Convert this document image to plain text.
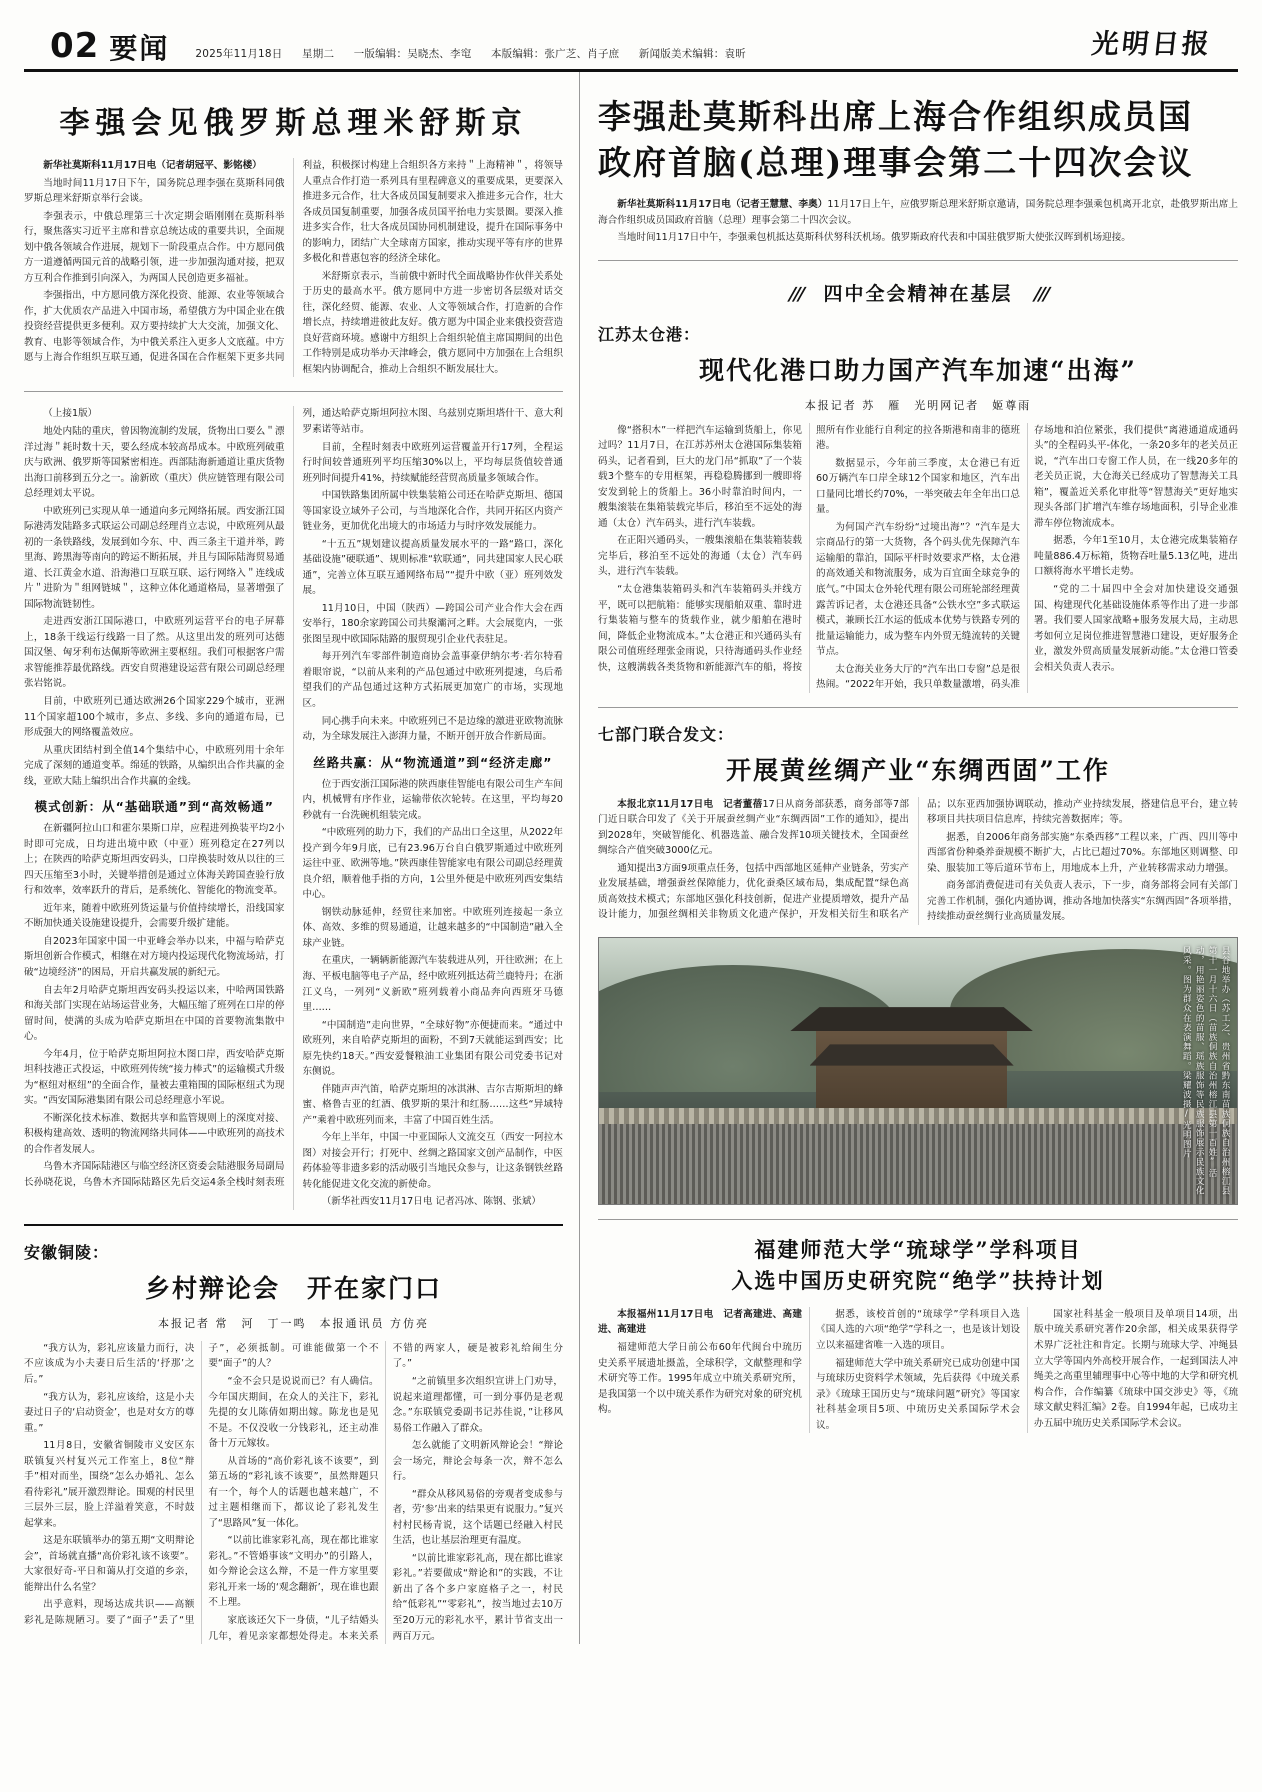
02 要闻 2025年11月18日 星期二 一版编辑：吴晓杰、李窀 本版编辑：张广芝、肖子庶 新闻版美术编辑：袁昕	光明日报
李强会见俄罗斯总理米舒斯京

新华社莫斯科11月17日电（记者胡冠平、影铭楼）

当地时间11月17日下午，国务院总理李强在莫斯科同俄罗斯总理米舒斯京举行会谈。

李强表示，中俄总理第三十次定期会晤刚刚在莫斯科举行，聚焦落实习近平主席和普京总统达成的重要共识，全面规划中俄各领域合作进展，规划下一阶段重点合作。中方愿同俄方一道遵循两国元首的战略引领，进一步加强沟通对接，把双方互利合作推到引向深入，为两国人民创造更多福祉。

李强指出，中方愿同俄方深化投资、能源、农业等领域合作，扩大优质农产品进入中国市场，希望俄方为中国企业在俄投资经营提供更多便利。双方要持续扩大大交流，加强文化、教育、电影等领域合作，为中俄关系注入更多人文底蕴。中方愿与上海合作组织互联互通，促进各国在合作框架下更多共同利益，积极探讨构建上合组织各方来持＂上海精神＂，将领导人重点合作打造一系列具有里程碑意义的重要成果，更要深入推进多元合作，壮大各成员国复制要求入推进多元合作，壮大各成员国复制重要，加强各成员国平抬电力实景圈。要深入推进多实合作，壮大各成员国协同机制建设，提升在国际事务中的影响力，团结广大全球南方国家，推动实现平等有序的世界多极化和普惠包容的经济全球化。

米舒斯京表示，当前俄中新时代全面战略协作伙伴关系处于历史的最高水平。俄方愿同中方进一步密切各层级对话交往，深化经贸、能源、农业、人文等领域合作，打造新的合作增长点，持续增进彼此友好。俄方愿为中国企业来俄投资营造良好营商环境。感谢中方组织上合组织轮值主席国期间的出色工作特别是成功举办天津峰会，俄方愿同中方加强在上合组织框架内协调配合，推动上合组织不断发展壮大。

（上接1版）

地处内陆的重庆，曾因物流制约发展，货物出口要么＂漂洋过海＂耗时数十天，要么经成本较高昂成本。中欧班列破重庆与欧洲、俄罗斯等国紧密相连。西部陆海新通道让重庆货物出海口前移到五分之一。渝新欧（重庆）供应链管理有限公司总经理刘太平说。

中欧班列已实现从单一通道向多元网络拓展。西安浙江国际港湾发陆路多式联运公司副总经理肖立志说，中欧班列从最初的一条铁路线，发展到如今东、中、西三条主干道并举，跨里海、跨黑海等南向的跨运不断拓展，并且与国际陆海贸易通道、长江黄金水道、沿海港口互联互联、运行网络入＂连线成片＂进阶为＂组网链城＂，这种立体化通道格局，显著增强了国际物流链韧性。

走进西安浙江国际港口，中欧班列运营平台的电子屏幕上，18条干线运行线路一目了然。从这里出发的班列可达德国汉堡、匈牙利布达佩斯等欧洲主要枢纽。我们可根据客户需求智能推荐最优路线。西安自贸港建设运营有限公司副总经理张岩铭说。

目前，中欧班列已通达欧洲26个国家229个城市，亚洲11个国家超100个城市，多点、多线、多向的通道布局，已形成强大的网络覆盖效应。

从重庆团结村到全值14个集结中心，中欧班列用十余年完成了深刻的通道变革。绵延的铁路，从编织出合作共赢的金线，亚欧大陆上编织出合作共赢的金线。

模式创新：从“基础联通”到“高效畅通”

在新疆阿拉山口和霍尔果斯口岸，应程进列换装平均2小时即可完成，日均进出境中欧（中亚）班列稳定在27列以上；在陕西的哈萨克斯坦西安码头，口岸换装时效从以往的三四天压缩至3小时，关键举措创是通过立体海关跨国查验行放行和效率，效率跃升的背后，是系统化、智能化的物流变革。

近年来，随着中欧班列货运量与价值持续增长，沿线国家不断加快通关设施建设提升，会需要升级扩建能。

自2023年国家中国一中亚峰会举办以来，中福与哈萨克斯坦创新合作模式，相继在对方境内投运现代化物流场站，打破“边境经济”的困局，开启共赢发展的新纪元。

自去年2月哈萨克斯坦西安码头投运以来，中哈两国铁路和海关部门实现在站场运营业务，大幅压缩了班列在口岸的停留时间，使满的头成为哈萨克斯坦在中国的首要物流集散中心。

今年4月，位于哈萨克斯坦阿拉木图口岸，西安哈萨克斯坦科技港正式投运，中欧班列传统“接力棒式”的运输模式升级为“枢纽对枢纽”的全面合作，量被去重箱围的国际枢纽式为现实。“西安国际港集团有限公司总经理意小军说。

不断深化技术标准、数据共享和监管规则上的深度对接、积极构建高效、透明的物流网络共同体——中欧班列的高技术的合作者发展人。

乌鲁木齐国际陆港区与临空经济区资委会陆港服务局副局长孙晓花说，乌鲁木齐国际陆路区先后交运4条全栈时刻表班列，通达哈萨克斯坦阿拉木图、乌兹别克斯坦塔什干、意大利罗素诺等站市。

目前，全程时刻表中欧班列运营覆盖开行17列，全程运行时间较普通班列平均压缩30%以上，平均每层货值较普通班列时间提升41%，持续赋能经营贸高质量多领域合作。

中国铁路集团所属中铁集装箱公司还在哈萨克斯坦、德国等国家设立域外子公司，与当地深化合作，共同开拓区内资产链业务，更加优化出境大的市场适力与时序效发展能力。

“十五五”规划建议提高质量发展水平的一路“路口，深化基础设施”硬联通”、规则标准“软联通”，同共建国家人民心联通”，完善立体互联互通网络布局”“提升中欧（亚）班列效发展。

11月10日，中国（陕西）—跨国公司产业合作大会在西安举行，180余家跨国公司共聚灞河之畔。大会展览内，一张张图呈现中欧国际陆路的服贸现引企业代表驻足。

每开列汽车零部件制造商协会盖事豪伊纳尔考·若尔特看着眼帘说，“以前从来利的产品包通过中欧班列提速，乌后希望我们的产品包通过这种方式拓展更加宽广的市场，实现地区。

同心携手向未来。中欧班列已不是边缘的激进亚欧物流脉动，为全球发展注入澎湃力量，不断开创开放合作新局面。

丝路共赢：从“物流通道”到“经济走廊”

位于西安浙江国际港的陕西康佳智能电有限公司生产车间内，机械臂有序作业，运输带依次轮转。在这里，平均每20秒就有一台洗碗机组装完成。

“中欧班列的助力下，我们的产品出口全这里，从2022年投产到今年9月底，已有23.96万台自白俄罗斯通过中欧班列运往中亚、欧洲等地。”陕西康佳智能家电有限公司副总经理黄良介绍，顺着他手指的方向，1公里外便是中欧班列西安集结中心。

钢铁动脉延伸，经贸往来加密。中欧班列连接起一条立体、高效、多维的贸易通道，让越来越多的“中国制造”融入全球产业链。

在重庆，一辆辆新能源汽车装载进从列，开往欧洲；在上海、平板电脑等电子产品，经中欧班列抵达荷兰鹿特丹；在浙江义乌，一列列“义新欧”班列载着小商品奔向西班牙马德里……

“中国制造”走向世界，“全球好物”亦便捷而来。“通过中欧班列，来自哈萨克斯坦的面粉，不到7天就能运到西安；比原先快约18天。”西安爱餐粮油工业集团有限公司党委书记对东侧说。

伴随声声汽笛，哈萨克斯坦的冰淇淋、吉尔吉斯斯坦的蜂蜜、格鲁吉亚的红酒、俄罗斯的果汁和红肠……这些“异域特产”乘着中欧班列而来，丰富了中国百姓生活。

今年上半年，中国一中亚国际人文流交互（西安一阿拉木图）对接会开行；打死中、丝绸之路国家文创产品制作，中医药体验等非遗多彩的活动吸引当地民众参与，让这条钢铁丝路转化能促进文化交流的新使命。

（新华社西安11月17日电 记者冯冰、陈钢、张斌）

安徽铜陵：
乡村辩论会　开在家门口
本报记者 常　河　丁一鸣　本报通讯员 方仿亮

“我方认为，彩礼应该量力而行，决不应该成为小夫妻日后生活的‘抒那’之后。”

“我方认为，彩礼应该给，这是小夫妻过日子的‘启动资金’，也是对女方的尊重。”

11月8日，安徽省铜陵市义安区东联镇复兴村复兴元工作室上，8位“辩手”相对而坐，围绕“怎么办婚礼、怎么看待彩礼”展开激烈辩论。围观的村民里三层外三层，脸上洋溢着笑意，不时鼓起掌来。

这是东联镇举办的第五期“文明辩论会”，首场就直播“高价彩礼该不该要”。大家很好奇-平日和蔼从打交道的乡亲，能辩出什么名堂？

出乎意料，现场达成共识——高额彩礼是陈规陋习。要了“面子”丢了“里子”，必须抵制。可谁能做第一个不要“面子”的人？

“金不会只是说说而已？有人确信。今年国庆期间，在众人的关注下，彩礼先提的女儿陈倩如期出嫁。陈龙也是见不是。不仅没收一分钱彩礼，还主动准备十万元嫁妆。

从首场的“高价彩礼该不该要”，到第五场的“彩礼该不该要”，虽然辩题只有一个，每个人的话题也越来越广，不过主题相继而下，都议论了彩礼发生了“思路风”复一体化。

“以前比谁家彩礼高，现在都比谁家彩礼。”不管婚事该“文明办”的引路人，如今辩论会这么辩，不是一件方家里要彩礼开来一场的‘观念翻新’，现在谁也跟不上理。

家底该还欠下一身债，“儿子结婚头几年，着见亲家都想处得走。本来关系不错的两家人，硬是被彩礼给闹生分了。”

“之前镇里多次组织宣讲上门劝导，说起来道理都懂，可一到分事仍是老观念。”东联镇党委副书记苏佳说，”让移风易俗工作融入了群众。

怎么就能了文明新风辩论会！“辩论会一场完，辩论会每条一次，辩不怎么行。

“群众从移风易俗的旁观者变成参与者，劳‘参’出来的结果更有说服力。”复兴村村民杨青说，这个话题已经融入村民生活，也让基层治理更有温度。

“以前比谁家彩礼高，现在都比谁家彩礼。”若要做成“辩论和”的实践，不让新出了各个多户家庭格子之一，村民给“低彩礼”“零彩礼”，按当地过去10万至20万元的彩礼水平，累计节省支出一两百万元。

李强赴莫斯科出席上海合作组织成员国
政府首脑(总理)理事会第二十四次会议

新华社莫斯科11月17日电（记者王慧慧、李奥）11月17日上午，应俄罗斯总理米舒斯京邀请，国务院总理李强乘包机离开北京，赴俄罗斯出席上海合作组织成员国政府首脑（总理）理事会第二十四次会议。

当地时间11月17日中午，李强乘包机抵达莫斯科伏努科沃机场。俄罗斯政府代表和中国驻俄罗斯大使张汉晖到机场迎接。

/// 四中全会精神在基层 ///
江苏太仓港：
现代化港口助力国产汽车加速“出海”
本报记者 苏　雁　光明网记者　姬尊雨

像“搭积木”一样把汽车运输到货船上，你见过吗？11月7日，在江苏苏州太仓港国际集装箱码头，记者看到，巨大的龙门吊“抓取”了一个装载3个整车的专用框架，再稳稳腾挪到一艘即将安发到轮上的货船上。36小时靠泊时间内，一艘集滚装在集箱装载完毕后，移泊至不远处的海通（太仓）汽车码头，进行汽车装载。

在正阳兴通码头，一艘集滚船在集装箱装载完毕后，移泊至不远处的海通（太仓）汽车码头，进行汽车装载。

“太仓港集装箱码头和汽车装箱码头并线方平，既可以把航箱：能够实现船舶双重、靠时进行集装箱与整车的货载作业，就少船舶在港时间，降低企业物流成本。”太仓港正和兴通码头有限公司值班经理张金雨说，只待海通码头作业经快，这艘满载各类货物和新能源汽车的船，将按照所有作业能行自利定的拉各斯港和南非的德班港。

数据显示，今年前三季度，太仓港已有近60万辆汽车口岸全球12个国家和地区，汽车出口量同比增长约70%，一举突破去年全年出口总量。

为何国产汽车纷纷“过境出海”？“汽车是大宗商品行的第一大货物，各个码头优先保障汽车运输船的靠泊，国际平杆时效要求严格，太仓港的高效通关和物流服务，成为百宜面全球竞争的底气。”中国太仓外轮代理有限公司班轮部经理黄露苦诉记者，太仓港还具备“公铁水空”多式联运模式，兼顾长江水运的低成本优势与铁路专列的批量运输能力，成为整车内外贸无缝流转的关键节点。

太仓海关业务大厅的“汽车出口专窗”总是很热闹。“2022年开始，我只单数量激增，码头准存场地和泊位紧张，我们提供“离港通道成通码头”的全程码头平-体化，一条20多年的老关员正说，“汽车出口专窗工作人员，在一线20多年的老关员正说，大仓海关已经成功了智慧海关工具箱”，覆盖近关系化审批等“智慧海关”更好地实现头各部门扩增汽车维存场地面积，引导企业准滞车停位物流成本。

据悉，今年1至10月，太仓港完成集装箱存吨量886.4万标箱，货物吞吐量5.13亿吨，进出口额将海水平增长走势。

“党的二十届四中全会对加快建设交通强国、构建现代化基础设施体系等作出了进一步部署。我们要人国家战略+服务发展大局，主动思考如何立足岗位推进智慧港口建设，更好服务企业，激发外贸高质量发展新动能。”太仓港口管委会相关负责人表示。

七部门联合发文：
开展黄丝绸产业“东绸西固”工作

本报北京11月17日电　记者董蓓17日从商务部获悉，商务部等7部门近日联合印发了《关于开展蚕丝绸产业“东绸西固”工作的通知》，提出到2028年，突破智能化、机器选盖、融合发挥10项关键技术，全国蚕丝绸综合产值突破3000亿元。

通知提出3方面9项重点任务，包括中西部地区延伸产业链条，劳实产业发展基础，增强蚕丝保障能力，优化蚕桑区域布局，集成配置“绿色高质高效技术模式；东部地区强化科技创新，促进产业提质增效，提升产品设计能力，加强丝绸相关非物质文化遗产保护，开发相关衍生和联名产品；以东亚西加强协调联动，推动产业持续发展，搭建信息平台，建立转移项目共扶项目信息库，持续完善数据库；等。

据悉，自2006年商务部实施“东桑西移”工程以来，广西、四川等中西部省份种桑养蚕规模不断扩大，占比已超过70%。东部地区则调整、印染、服装加工等后道环节布上，用地成本上升，产业转移需求动力增强。

商务部消费促进司有关负责人表示，下一步，商务部将会同有关部门完善工作机制，强化内通协调，推动各地加快落实“东绸西固”各项举措，持续推动蚕丝绸行业高质量发展。

县谷地举办（苏工之、贵州省黔东南苗族侗族自治州榕江县第十一月十六日（苗族侗族自治州榕江县第一百姓”活动，用艳丽姿色的苗服、瑶族服饰等民族服饰展示民族文化风采。图为群众在表演舞蹈。梁耀波摄/光明图片
福建师范大学“琉球学”学科项目
入选中国历史研究院“绝学”扶持计划

本报福州11月17日电　记者高建进、高建进、高建进

福建师范大学日前公布60年代闽台中琉历史关系平展遗址摄盖，全球积学，文献整理和学术研究等工作。1995年成立中琉关系研究所，是我国第一个以中琉关系作为研究对象的研究机构。

据悉，该校首创的“琉球学”学科项目入选《国人选的六项“绝学”学科之一，也是该计划设立以来福建省唯一入选的项目。

福建师范大学中琉关系研究已成功创建中国与琉球历史资料学术领域，先后获得《中琉关系录》《琉球王国历史与“琉球问题”研究》等国家社科基金项目5项、中琉历史关系国际学术会议。

国家社科基金一般项目及单项目14项，出版中琉关系研究著作20余部，相关成果获得学术界广泛社注和肯定。长期与琉球大学、冲绳县立大学等国内外高校开展合作，一起到国法人冲绳美之高重里辅理事中心等中地的大学和研究机构合作，合作编纂《琉球中国交涉史》等，《琉球文献史料汇编》2卷。自1994年起，已成功主办五届中琉历史关系国际学术会议。
